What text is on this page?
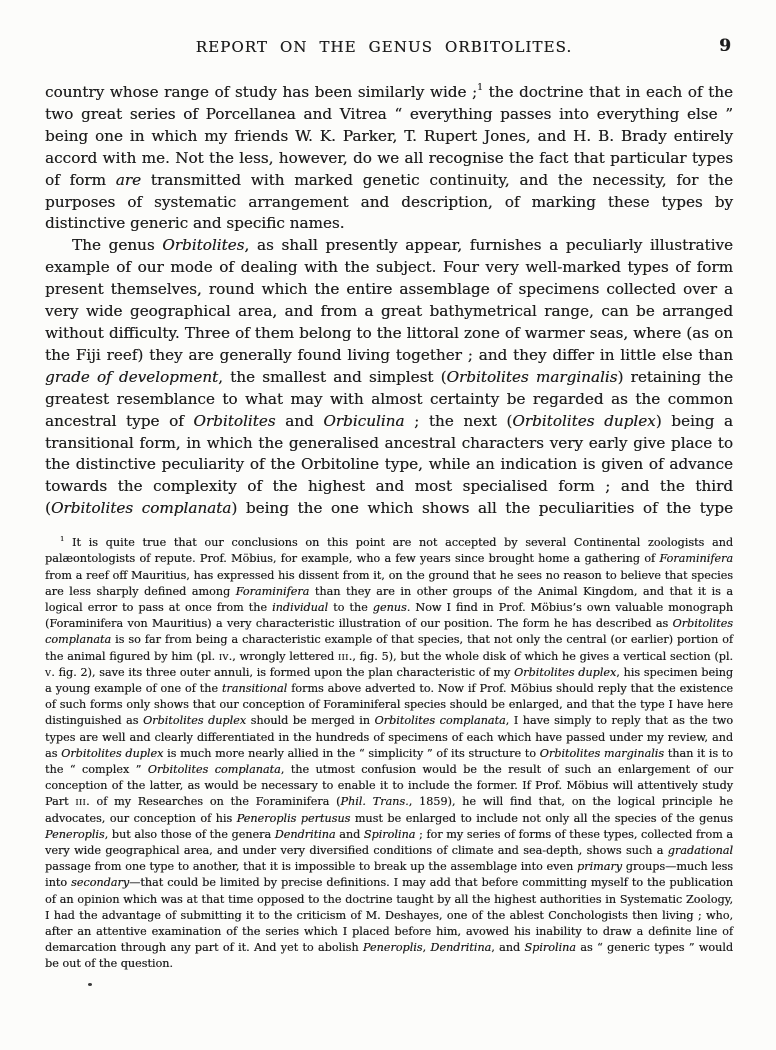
REPORT ON THE GENUS ORBITOLITES.	9

country whose range of study has been similarly wide ;$^1$ the doctrine that in each of the two great series of Porcellanea and Vitrea “ everything passes into everything else ” being one in which my friends W. K. Parker, T. Rupert Jones, and H. B. Brady entirely accord with me. Not the less, however, do we all recognise the fact that particular types of form are transmitted with marked genetic continuity, and the necessity, for the purposes of systematic arrangement and description, of marking these types by distinctive generic and specific names.

The genus Orbitolites, as shall presently appear, furnishes a peculiarly illustrative example of our mode of dealing with the subject. Four very well-marked types of form present themselves, round which the entire assemblage of specimens collected over a very wide geographical area, and from a great bathymetrical range, can be arranged without difficulty. Three of them belong to the littoral zone of warmer seas, where (as on the Fiji reef) they are generally found living together ; and they differ in little else than grade of development, the smallest and simplest (Orbitolites marginalis) retaining the greatest resemblance to what may with almost certainty be regarded as the common ancestral type of Orbitolites and Orbiculina ; the next (Orbitolites duplex) being a transitional form, in which the generalised ancestral characters very early give place to the distinctive peculiarity of the Orbitoline type, while an indication is given of advance towards the complexity of the highest and most specialised form ; and the third (Orbitolites complanata) being the one which shows all the peculiarities of the type

$^1$ It is quite true that our conclusions on this point are not accepted by several Continental zoologists and palæontologists of repute. Prof. Möbius, for example, who a few years since brought home a gathering of Foraminifera from a reef off Mauritius, has expressed his dissent from it, on the ground that he sees no reason to believe that species are less sharply defined among Foraminifera than they are in other groups of the Animal Kingdom, and that it is a logical error to pass at once from the individual to the genus. Now I find in Prof. Möbius’s own valuable monograph (Foraminifera von Mauritius) a very characteristic illustration of our position. The form he has described as Orbitolites complanata is so far from being a characteristic example of that species, that not only the central (or earlier) portion of the animal figured by him (pl. iv., wrongly lettered iii., fig. 5), but the whole disk of which he gives a vertical section (pl. v. fig. 2), save its three outer annuli, is formed upon the plan characteristic of my Orbitolites duplex, his specimen being a young example of one of the transitional forms above adverted to. Now if Prof. Möbius should reply that the existence of such forms only shows that our conception of Foraminiferal species should be enlarged, and that the type I have here distinguished as Orbitolites duplex should be merged in Orbitolites complanata, I have simply to reply that as the two types are well and clearly differentiated in the hundreds of specimens of each which have passed under my review, and as Orbitolites duplex is much more nearly allied in the “ simplicity ” of its structure to Orbitolites marginalis than it is to the “ complex ” Orbitolites complanata, the utmost confusion would be the result of such an enlargement of our conception of the latter, as would be necessary to enable it to include the former. If Prof. Möbius will attentively study Part iii. of my Researches on the Foraminifera (Phil. Trans., 1859), he will find that, on the logical principle he advocates, our conception of his Peneroplis pertusus must be enlarged to include not only all the species of the genus Peneroplis, but also those of the genera Dendritina and Spirolina ; for my series of forms of these types, collected from a very wide geographical area, and under very diversified conditions of climate and sea-depth, shows such a gradational passage from one type to another, that it is impossible to break up the assemblage into even primary groups—much less into secondary—that could be limited by precise definitions. I may add that before committing myself to the publication of an opinion which was at that time opposed to the doctrine taught by all the highest authorities in Systematic Zoology, I had the advantage of submitting it to the criticism of M. Deshayes, one of the ablest Conchologists then living ; who, after an attentive examination of the series which I placed before him, avowed his inability to draw a definite line of demarcation through any part of it. And yet to abolish Peneroplis, Dendritina, and Spirolina as “ generic types ” would be out of the question.
